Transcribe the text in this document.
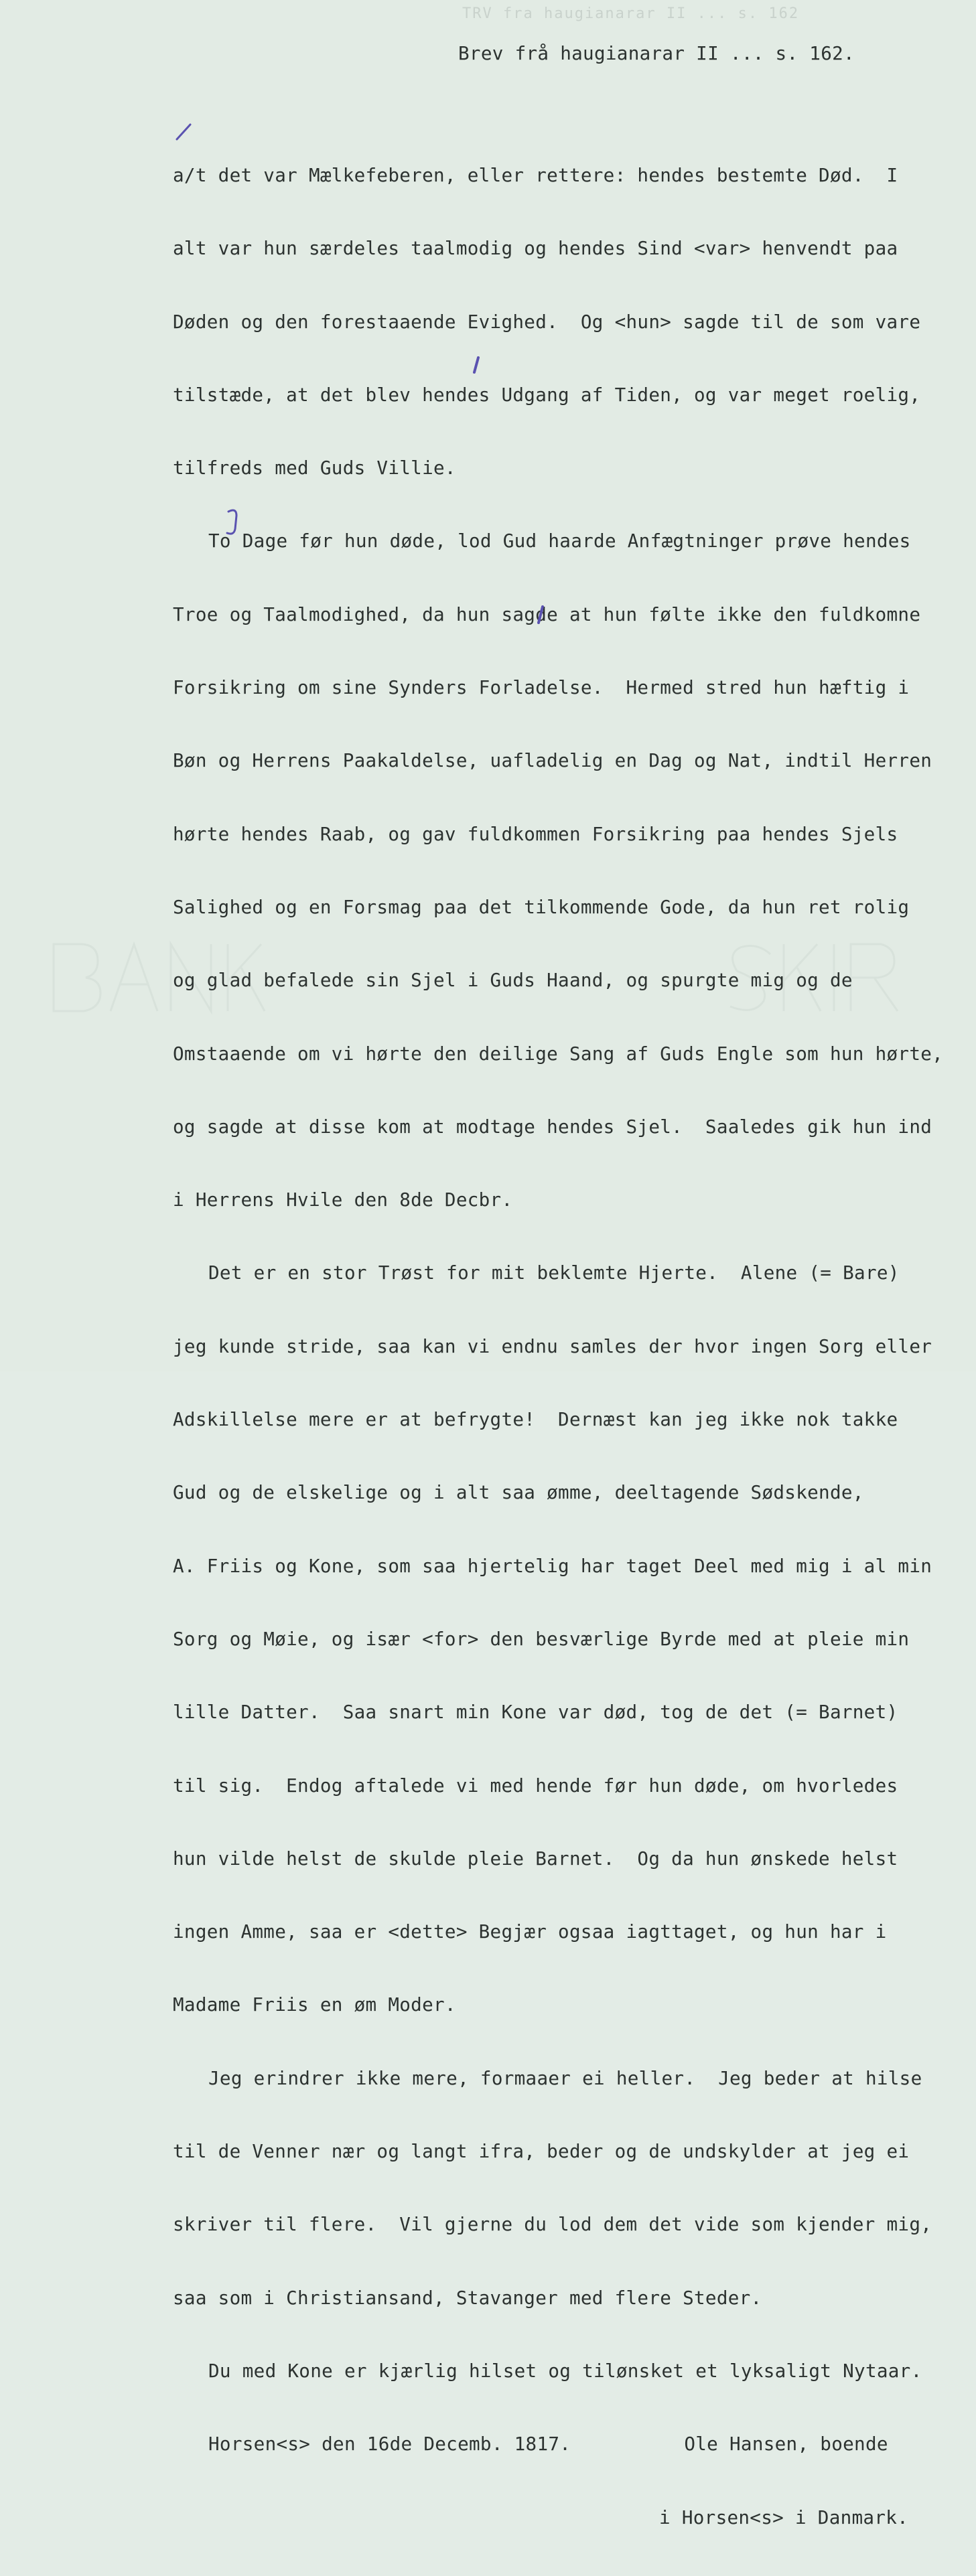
TRV fra haugianarar II ... s. 162
Brev frå haugianarar II ... s. 162.

a/t det var Mælkefeberen, eller rettere: hendes bestemte Død.  I

alt var hun særdeles taalmodig og hendes Sind <var> henvendt paa

Døden og den forestaaende Evighed.  Og <hun> sagde til de som vare

tilstæde, at det blev hendes Udgang af Tiden, og var meget roelig,

tilfreds med Guds Villie.

To Dage før hun døde, lod Gud haarde Anfægtninger prøve hendes

Troe og Taalmodighed, da hun sagde at hun følte ikke den fuldkomne

Forsikring om sine Synders Forladelse.  Hermed stred hun hæftig i

Bøn og Herrens Paakaldelse, uafladelig en Dag og Nat, indtil Herren

hørte hendes Raab, og gav fuldkommen Forsikring paa hendes Sjels

Salighed og en Forsmag paa det tilkommende Gode, da hun ret rolig

og glad befalede sin Sjel i Guds Haand, og spurgte mig og de

Omstaaende om vi hørte den deilige Sang af Guds Engle som hun hørte,

og sagde at disse kom at modtage hendes Sjel.  Saaledes gik hun ind

i Herrens Hvile den 8de Decbr.

Det er en stor Trøst for mit beklemte Hjerte.  Alene (= Bare)

jeg kunde stride, saa kan vi endnu samles der hvor ingen Sorg eller

Adskillelse mere er at befrygte!  Dernæst kan jeg ikke nok takke

Gud og de elskelige og i alt saa ømme, deeltagende Sødskende,

A. Friis og Kone, som saa hjertelig har taget Deel med mig i al min

Sorg og Møie, og især <for> den besværlige Byrde med at pleie min

lille Datter.  Saa snart min Kone var død, tog de det (= Barnet)

til sig.  Endog aftalede vi med hende før hun døde, om hvorledes

hun vilde helst de skulde pleie Barnet.  Og da hun ønskede helst

ingen Amme, saa er <dette> Begjær ogsaa iagttaget, og hun har i

Madame Friis en øm Moder.

Jeg erindrer ikke mere, formaaer ei heller.  Jeg beder at hilse

til de Venner nær og langt ifra, beder og de undskylder at jeg ei

skriver til flere.  Vil gjerne du lod dem det vide som kjender mig,

saa som i Christiansand, Stavanger med flere Steder.

Du med Kone er kjærlig hilset og tilønsket et lyksaligt Nytaar.

Horsen<s> den 16de Decemb. 1817.          Ole Hansen, boende

i Horsen<s> i Danmark.
